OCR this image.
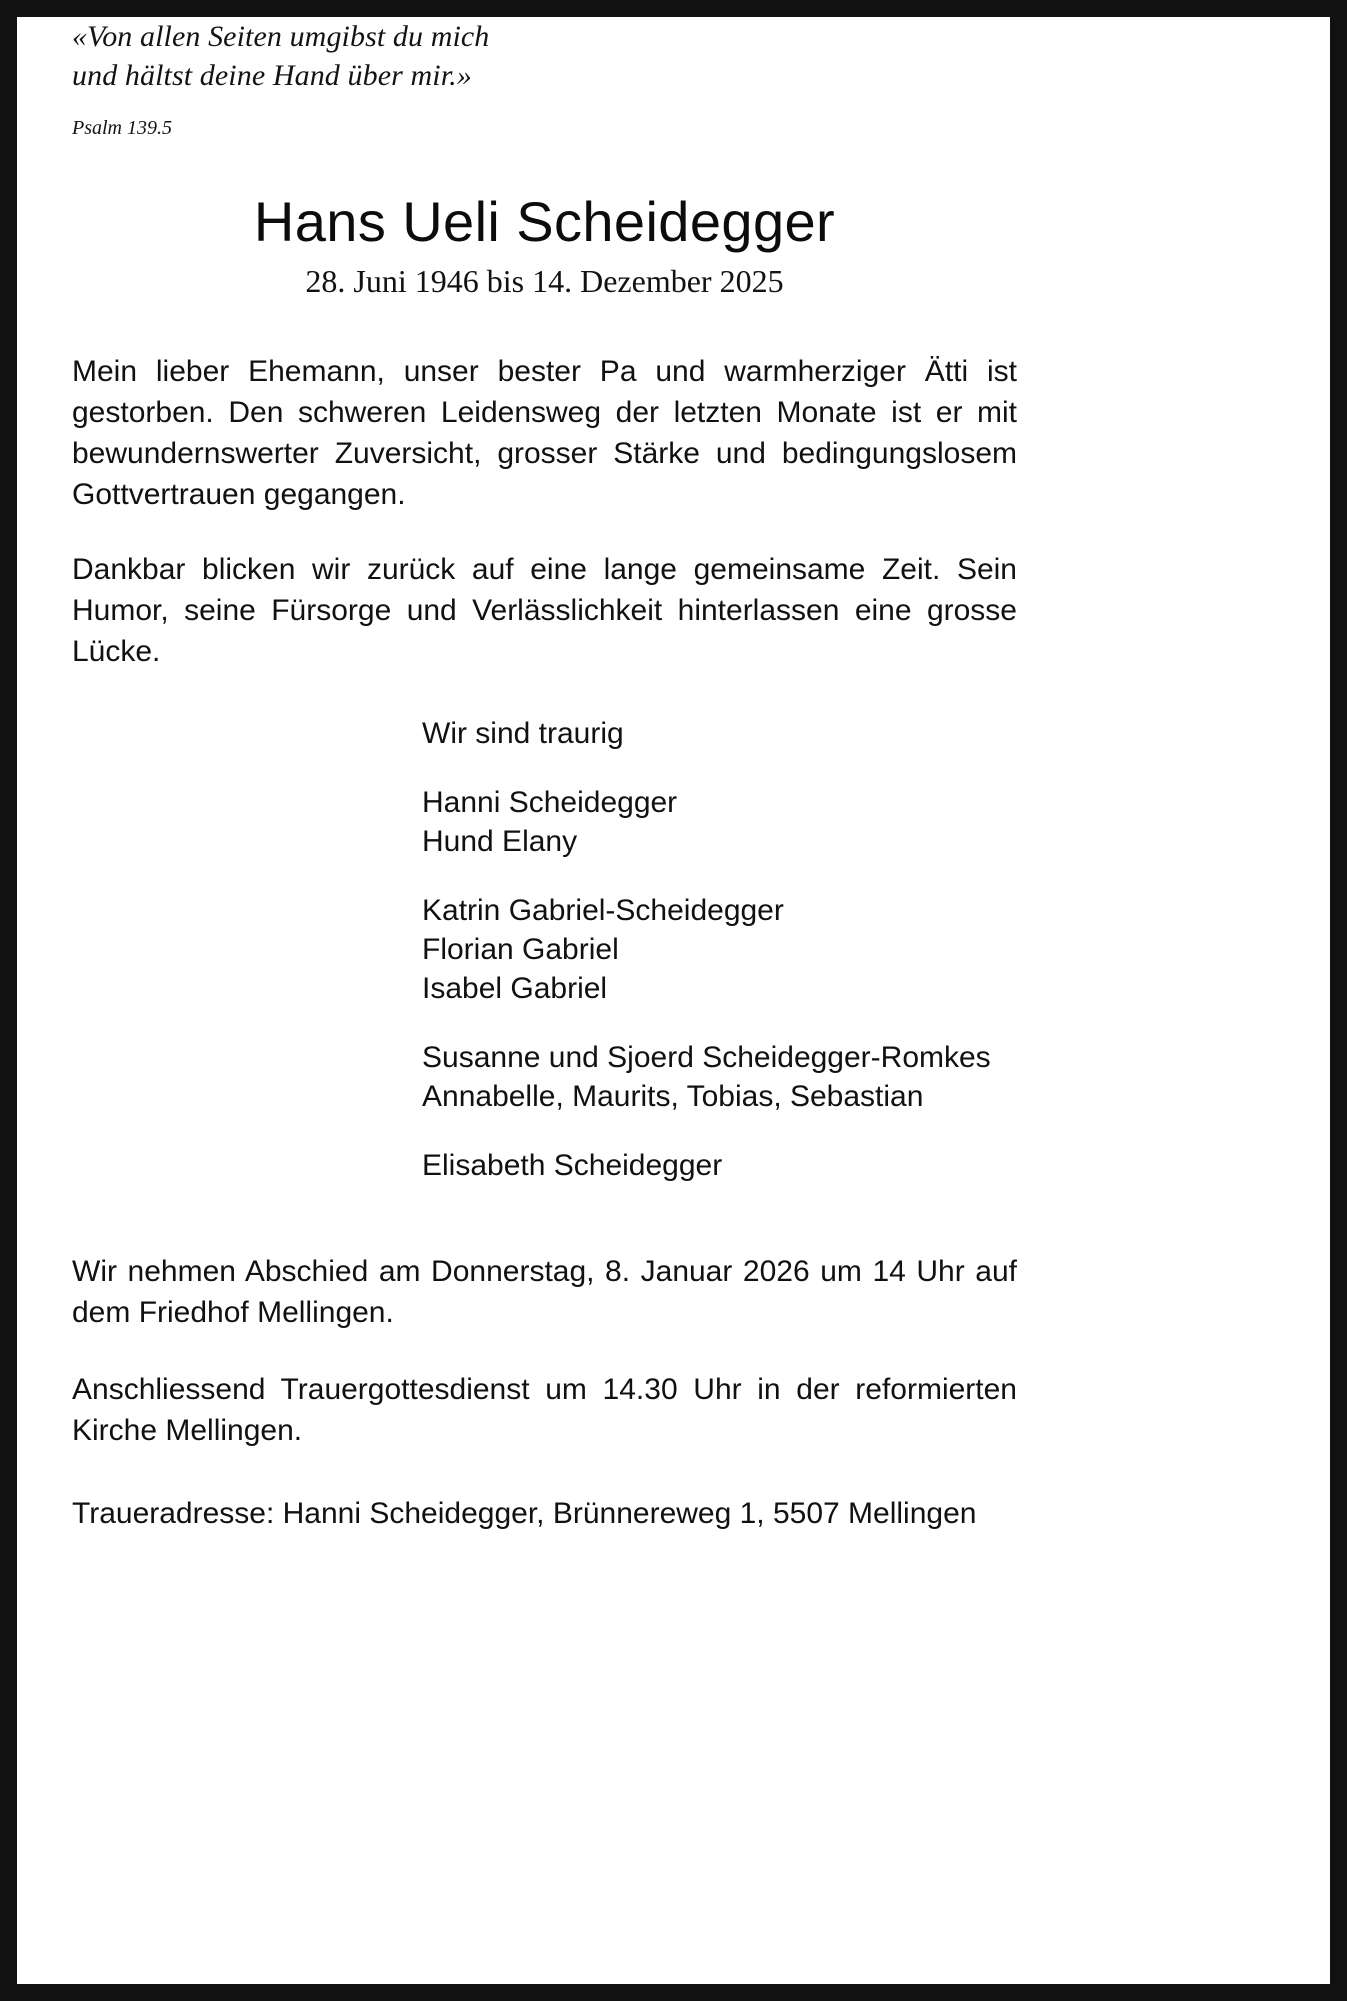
«Von allen Seiten umgibst du mich
und hältst deine Hand über mir.»
Psalm 139.5
Hans Ueli Scheidegger
28. Juni 1946 bis 14. Dezember 2025
Mein lieber Ehemann, unser bester Pa und warmherziger Ätti ist gestorben. Den schweren Leidensweg der letzten Monate ist er mit bewundernswerter Zuversicht, grosser Stärke und bedingungslosem Gottvertrauen gegangen.
Dankbar blicken wir zurück auf eine lange gemeinsame Zeit. Sein Humor, seine Fürsorge und Verlässlichkeit hinterlassen eine grosse Lücke.
Wir sind traurig
Hanni Scheidegger
Hund Elany
Katrin Gabriel-Scheidegger
Florian Gabriel
Isabel Gabriel
Susanne und Sjoerd Scheidegger-Romkes
Annabelle, Maurits, Tobias, Sebastian
Elisabeth Scheidegger
Wir nehmen Abschied am Donnerstag, 8. Januar 2026 um 14 Uhr auf dem Friedhof Mellingen.
Anschliessend Trauergottesdienst um 14.30 Uhr in der reformierten Kirche Mellingen.
Traueradresse: Hanni Scheidegger, Brünnereweg 1, 5507 Mellingen
